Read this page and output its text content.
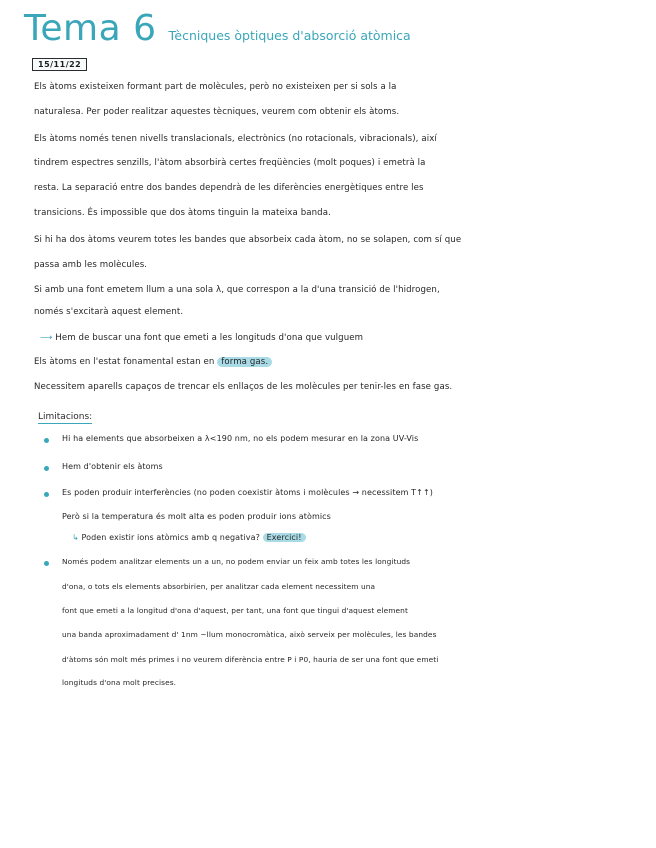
Tema 6 Tècniques òptiques d'absorció atòmica
15/11/22
Els àtoms existeixen formant part de molècules, però no existeixen per si sols a la
naturalesa. Per poder realitzar aquestes tècniques, veurem com obtenir els àtoms.
Els àtoms només tenen nivells translacionals, electrònics (no rotacionals, vibracionals), així
tindrem espectres senzills, l'àtom absorbirà certes freqüències (molt poques) i emetrà la
resta. La separació entre dos bandes dependrà de les diferències energètiques entre les
transicions. És impossible que dos àtoms tinguin la mateixa banda.
Si hi ha dos àtoms veurem totes les bandes que absorbeix cada àtom, no se solapen, com sí que
passa amb les molècules.
Si amb una font emetem llum a una sola λ, que correspon a la d'una transició de l'hidrogen,
només s'excitarà aquest element.
⟶ Hem de buscar una font que emeti a les longituds d'ona que vulguem
Els àtoms en l'estat fonamental estan en forma gas.
Necessitem aparells capaços de trencar els enllaços de les molècules per tenir-les en fase gas.
Limitacions:
Hi ha elements que absorbeixen a λ<190 nm, no els podem mesurar en la zona UV-Vis
Hem d'obtenir els àtoms
Es poden produir interferències (no poden coexistir àtoms i molècules → necessitem T↑↑)
Però si la temperatura és molt alta es poden produir ions atòmics
↳ Poden existir ions atòmics amb q negativa? Exercici!
Només podem analitzar elements un a un, no podem enviar un feix amb totes les longituds
d'ona, o tots els elements absorbirien, per analitzar cada element necessitem una
font que emeti a la longitud d'ona d'aquest, per tant, una font que tingui d'aquest element
una banda aproximadament d' 1nm ~llum monocromàtica, això serveix per molècules, les bandes
d'àtoms són molt més primes i no veurem diferència entre P i P0, hauria de ser una font que emeti
longituds d'ona molt precises.
